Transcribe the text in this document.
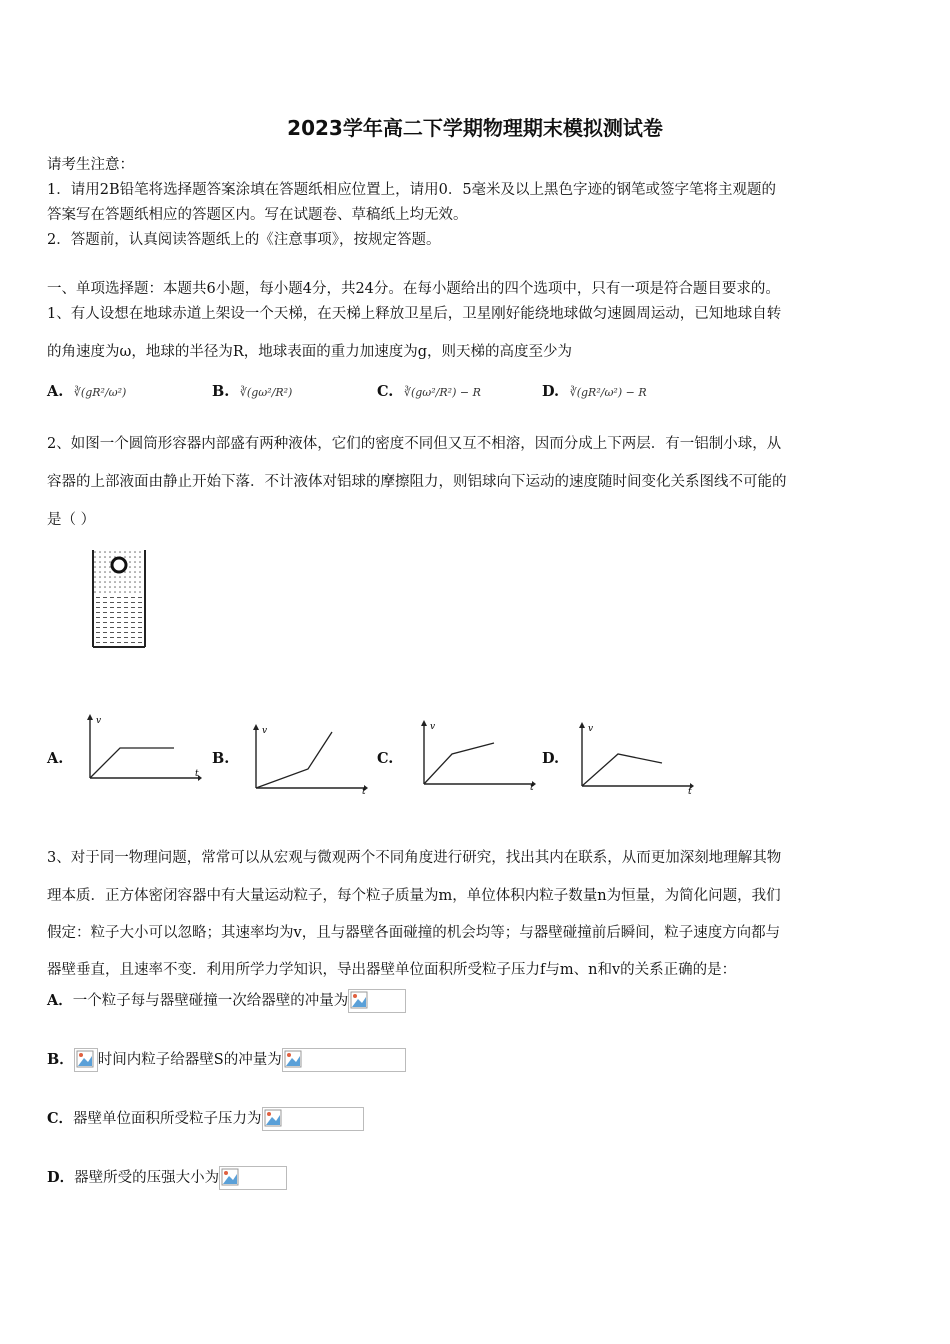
2023学年高二下学期物理期末模拟测试卷
请考生注意：
1．请用2B铅笔将选择题答案涂填在答题纸相应位置上，请用0．5毫米及以上黑色字迹的钢笔或签字笔将主观题的
答案写在答题纸相应的答题区内。写在试题卷、草稿纸上均无效。
2．答题前，认真阅读答题纸上的《注意事项》，按规定答题。
一、单项选择题：本题共6小题，每小题4分，共24分。在每小题给出的四个选项中，只有一项是符合题目要求的。
1、有人设想在地球赤道上架设一个天梯，在天梯上释放卫星后，卫星刚好能绕地球做匀速圆周运动，已知地球自转
的角速度为ω，地球的半径为R，地球表面的重力加速度为g，则天梯的高度至少为
A. ∛(gR²/ω²)	B. ∛(gω²/R²)	C. ∛(gω²/R²) − R	D. ∛(gR²/ω²) − R
2、如图一个圆筒形容器内部盛有两种液体，它们的密度不同但又互不相溶，因而分成上下两层．有一铝制小球，从
容器的上部液面由静止开始下落．不计液体对铝球的摩擦阻力，则铝球向下运动的速度随时间变化关系图线不可能的
是（ ）
A.	B.	C.	D.
v
t
v
t
v
t
v
t
3、对于同一物理问题，常常可以从宏观与微观两个不同角度进行研究，找出其内在联系，从而更加深刻地理解其物
理本质．正方体密闭容器中有大量运动粒子，每个粒子质量为m，单位体积内粒子数量n为恒量，为简化问题，我们
假定：粒子大小可以忽略；其速率均为v，且与器壁各面碰撞的机会均等；与器壁碰撞前后瞬间，粒子速度方向都与
器壁垂直，且速率不变．利用所学力学知识，导出器壁单位面积所受粒子压力f与m、n和v的关系正确的是：
A．一个粒子每与器壁碰撞一次给器壁的冲量为
B． 时间内粒子给器壁S的冲量为
C．器壁单位面积所受粒子压力为
D．器壁所受的压强大小为
